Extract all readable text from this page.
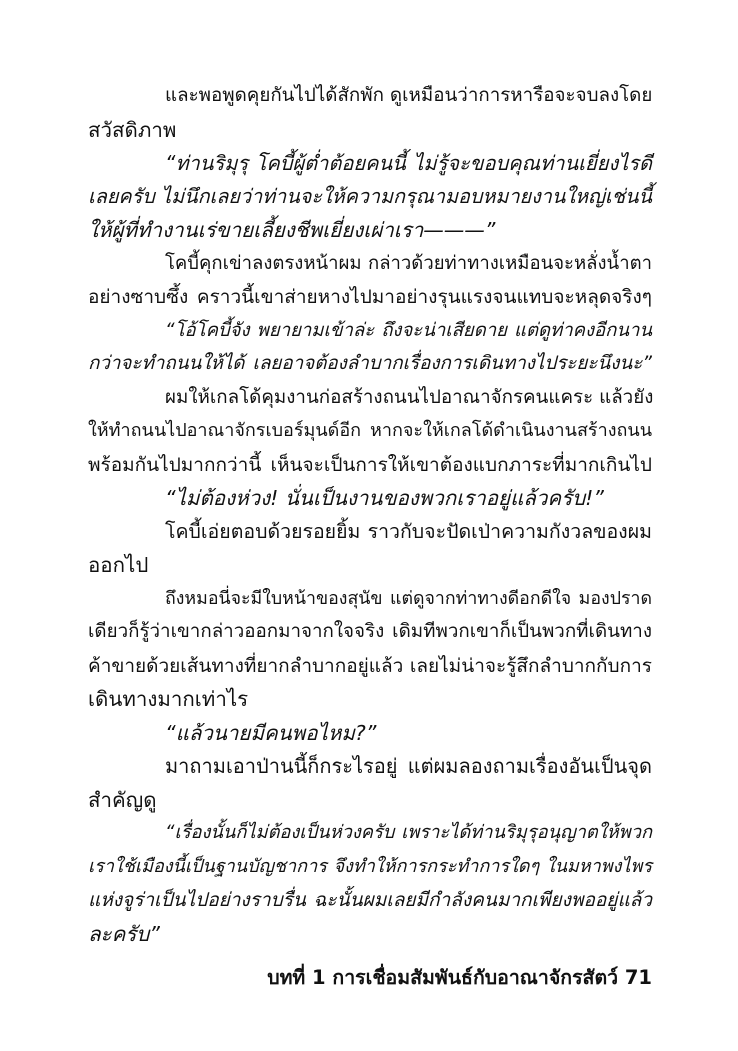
และพอพูดคุยกันไปได้สักพัก ดูเหมือนว่าการหารือจะจบลงโดย
สวัสดิภาพ
“ท่านริมุรุ โคบี้ผู้ต่ำต้อยคนนี้ ไม่รู้จะขอบคุณท่านเยี่ยงไรดี
เลยครับ ไม่นึกเลยว่าท่านจะให้ความกรุณามอบหมายงานใหญ่เช่นนี้
ให้ผู้ที่ทำงานเร่ขายเลี้ยงชีพเยี่ยงเผ่าเรา———”
โคบี้คุกเข่าลงตรงหน้าผม กล่าวด้วยท่าทางเหมือนจะหลั่งน้ำตา
อย่างซาบซึ้ง คราวนี้เขาส่ายหางไปมาอย่างรุนแรงจนแทบจะหลุดจริงๆ
“โอ้โคบี้จัง พยายามเข้าล่ะ ถึงจะน่าเสียดาย แต่ดูท่าคงอีกนาน
กว่าจะทำถนนให้ได้ เลยอาจต้องลำบากเรื่องการเดินทางไประยะนึงนะ”
ผมให้เกลโด้คุมงานก่อสร้างถนนไปอาณาจักรคนแคระ แล้วยัง
ให้ทำถนนไปอาณาจักรเบอร์มุนด์อีก หากจะให้เกลโด้ดำเนินงานสร้างถนน
พร้อมกันไปมากกว่านี้ เห็นจะเป็นการให้เขาต้องแบกภาระที่มากเกินไป
“ไม่ต้องห่วง! นั่นเป็นงานของพวกเราอยู่แล้วครับ!”
โคบี้เอ่ยตอบด้วยรอยยิ้ม ราวกับจะปัดเป่าความกังวลของผม
ออกไป
ถึงหมอนี่จะมีใบหน้าของสุนัข แต่ดูจากท่าทางดีอกดีใจ มองปราด
เดียวก็รู้ว่าเขากล่าวออกมาจากใจจริง เดิมทีพวกเขาก็เป็นพวกที่เดินทาง
ค้าขายด้วยเส้นทางที่ยากลำบากอยู่แล้ว เลยไม่น่าจะรู้สึกลำบากกับการ
เดินทางมากเท่าไร
“แล้วนายมีคนพอไหม?”
มาถามเอาป่านนี้ก็กระไรอยู่ แต่ผมลองถามเรื่องอันเป็นจุด
สำคัญดู
“เรื่องนั้นก็ไม่ต้องเป็นห่วงครับ เพราะได้ท่านริมุรุอนุญาตให้พวก
เราใช้เมืองนี้เป็นฐานบัญชาการ จึงทำให้การกระทำการใดๆ ในมหาพงไพร
แห่งจูร่าเป็นไปอย่างราบรื่น ฉะนั้นผมเลยมีกำลังคนมากเพียงพออยู่แล้ว
ละครับ”
บทที่ 1 การเชื่อมสัมพันธ์กับอาณาจักรสัตว์ 71
